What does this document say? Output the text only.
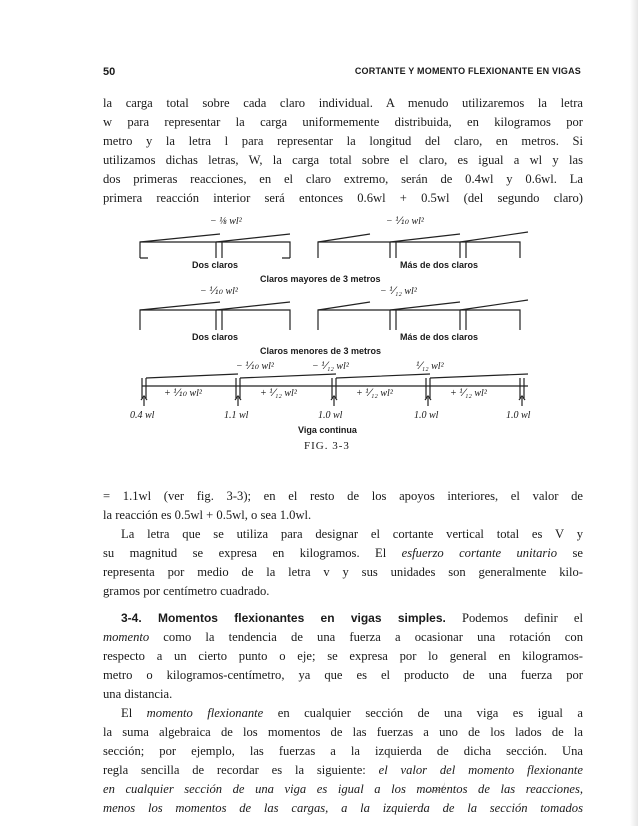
50	CORTANTE Y MOMENTO FLEXIONANTE EN VIGAS
la carga total sobre cada claro individual. A menudo utilizaremos la letra
w para representar la carga uniformemente distribuida, en kilogramos por
metro y la letra l para representar la longitud del claro, en metros. Si
utilizamos dichas letras, W, la carga total sobre el claro, es igual a wl y las
dos primeras reacciones, en el claro extremo, serán de 0.4wl y 0.6wl. La
primera reacción interior será entonces 0.6wl + 0.5wl (del segundo claro)
− ⅛ wl²	− ⅒ wl²
− ⅒ wl²	− ⅟₁₂ wl²
− ⅒ wl²	− ⅟₁₂ wl²	⅟₁₂ wl²
+ ⅒ wl²	+ ⅟₁₂ wl²	+ ⅟₁₂ wl²	+ ⅟₁₂ wl²
0.4 wl	1.1 wl	1.0 wl	1.0 wl	1.0 wl
Dos claros	Más de dos claros
Claros mayores de 3 metros
Dos claros	Más de dos claros
Claros menores de 3 metros
Viga continua
FIG. 3-3
= 1.1wl (ver fig. 3-3); en el resto de los apoyos interiores, el valor de
la reacción es 0.5wl + 0.5wl, o sea 1.0wl.
La letra que se utiliza para designar el cortante vertical total es V y
su magnitud se expresa en kilogramos. El esfuerzo cortante unitario se
representa por medio de la letra v y sus unidades son generalmente kilo-
gramos por centímetro cuadrado.
3-4. Momentos flexionantes en vigas simples. Podemos definir el
momento como la tendencia de una fuerza a ocasionar una rotación con
respecto a un cierto punto o eje; se expresa por lo general en kilogramos-
metro o kilogramos-centímetro, ya que es el producto de una fuerza por
una distancia.
El momento flexionante en cualquier sección de una viga es igual a
la suma algebraica de los momentos de las fuerzas a uno de los lados de la
sección; por ejemplo, las fuerzas a la izquierda de dicha sección. Una
regla sencilla de recordar es la siguiente: el valor del momento flexionante
en cualquier sección de una viga es igual a los momentos de las reacciones,
menos los momentos de las cargas, a la izquierda de la sección tomados
